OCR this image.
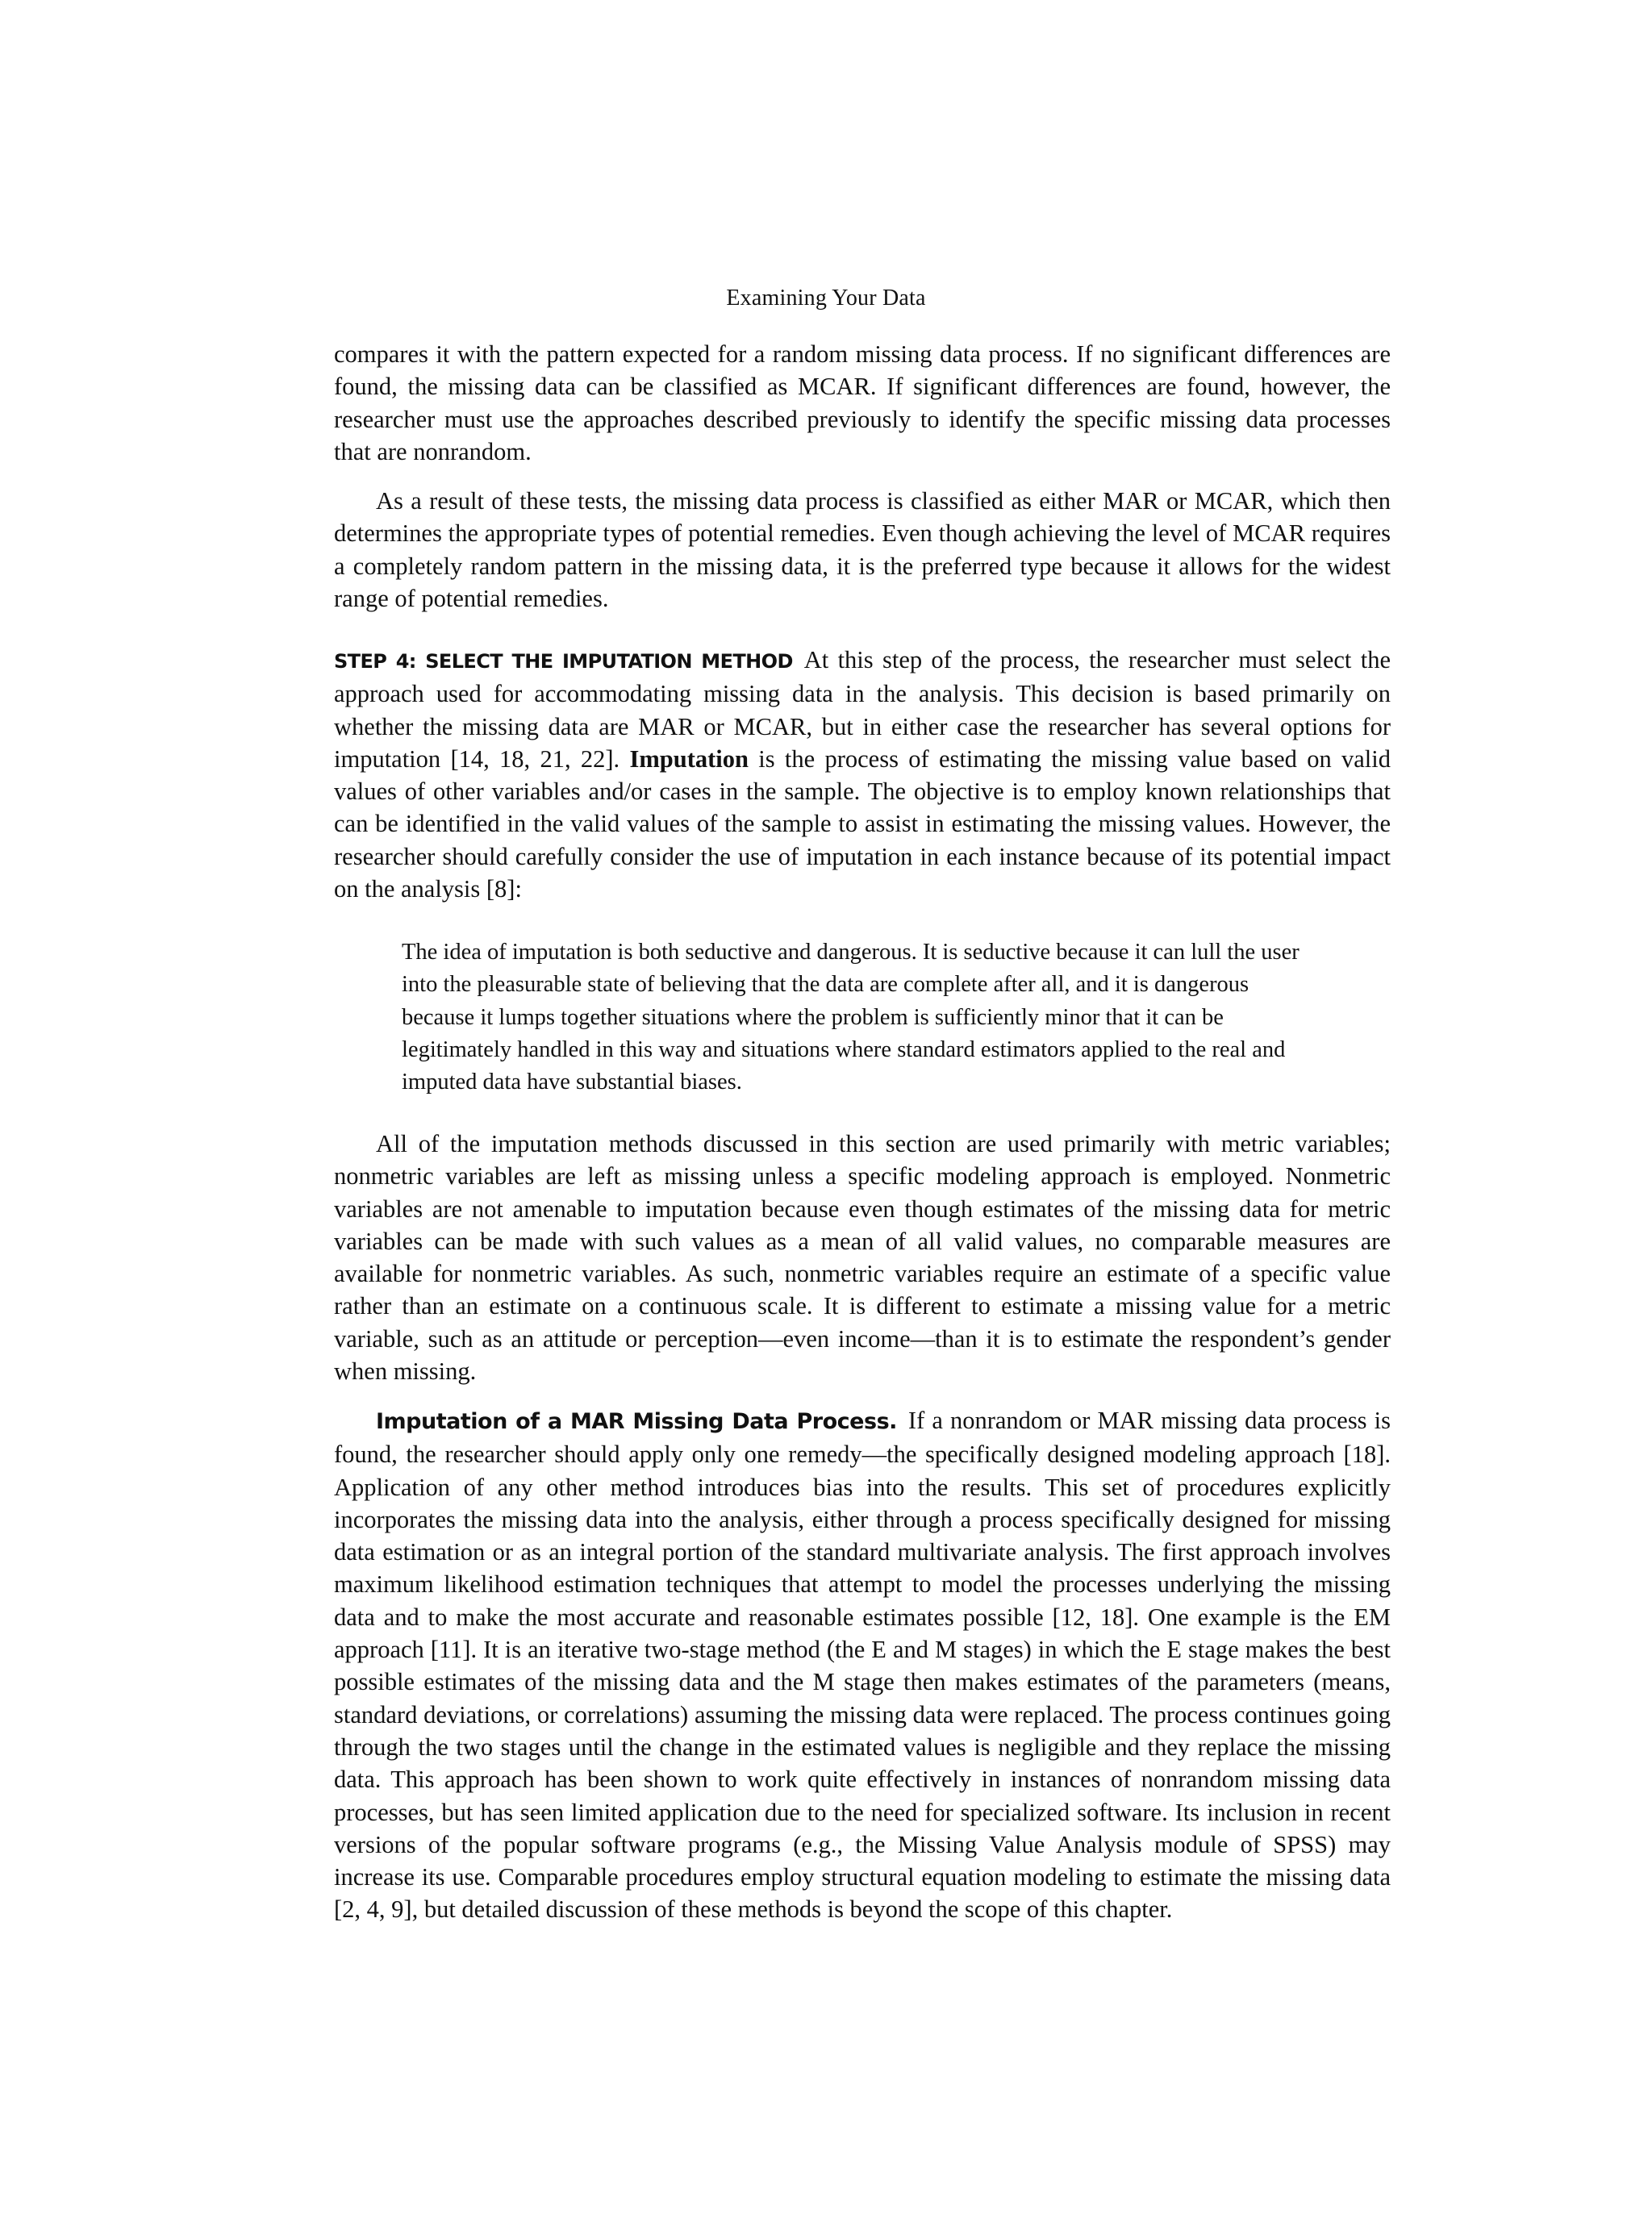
Examining Your Data

compares it with the pattern expected for a random missing data process. If no significant differences are found, the missing data can be classified as MCAR. If significant differences are found, however, the researcher must use the approaches described previously to identify the specific missing data processes that are nonrandom.

As a result of these tests, the missing data process is classified as either MAR or MCAR, which then determines the appropriate types of potential remedies. Even though achieving the level of MCAR requires a completely random pattern in the missing data, it is the preferred type because it allows for the widest range of potential remedies.

STEP 4: SELECT THE IMPUTATION METHOD At this step of the process, the researcher must select the approach used for accommodating missing data in the analysis. This decision is based primarily on whether the missing data are MAR or MCAR, but in either case the researcher has several options for imputation [14, 18, 21, 22]. Imputation is the process of estimating the missing value based on valid values of other variables and/or cases in the sample. The objective is to employ known relationships that can be identified in the valid values of the sample to assist in estimating the missing values. However, the researcher should carefully consider the use of imputation in each instance because of its potential impact on the analysis [8]:

The idea of imputation is both seductive and dangerous. It is seductive because it can lull the user into the pleasurable state of believing that the data are complete after all, and it is dangerous because it lumps together situations where the problem is sufficiently minor that it can be legitimately handled in this way and situations where standard estimators applied to the real and imputed data have substantial biases.

All of the imputation methods discussed in this section are used primarily with metric variables; nonmetric variables are left as missing unless a specific modeling approach is employed. Nonmetric variables are not amenable to imputation because even though estimates of the missing data for metric variables can be made with such values as a mean of all valid values, no comparable measures are available for nonmetric variables. As such, nonmetric variables require an estimate of a specific value rather than an estimate on a continuous scale. It is different to estimate a missing value for a metric variable, such as an attitude or perception—even income—than it is to estimate the respondent’s gender when missing.

Imputation of a MAR Missing Data Process. If a nonrandom or MAR missing data process is found, the researcher should apply only one remedy—the specifically designed modeling approach [18]. Application of any other method introduces bias into the results. This set of procedures explicitly incorporates the missing data into the analysis, either through a process specifically designed for missing data estimation or as an integral portion of the standard multivariate analysis. The first approach involves maximum likelihood estimation techniques that attempt to model the processes underlying the missing data and to make the most accurate and reasonable estimates possible [12, 18]. One example is the EM approach [11]. It is an iterative two-stage method (the E and M stages) in which the E stage makes the best possible estimates of the missing data and the M stage then makes estimates of the parameters (means, standard deviations, or correlations) assuming the missing data were replaced. The process continues going through the two stages until the change in the estimated values is negligible and they replace the missing data. This approach has been shown to work quite effectively in instances of nonrandom missing data processes, but has seen limited application due to the need for specialized software. Its inclusion in recent versions of the popular software programs (e.g., the Missing Value Analysis module of SPSS) may increase its use. Comparable procedures employ structural equation modeling to estimate the missing data [2, 4, 9], but detailed discussion of these methods is beyond the scope of this chapter.
